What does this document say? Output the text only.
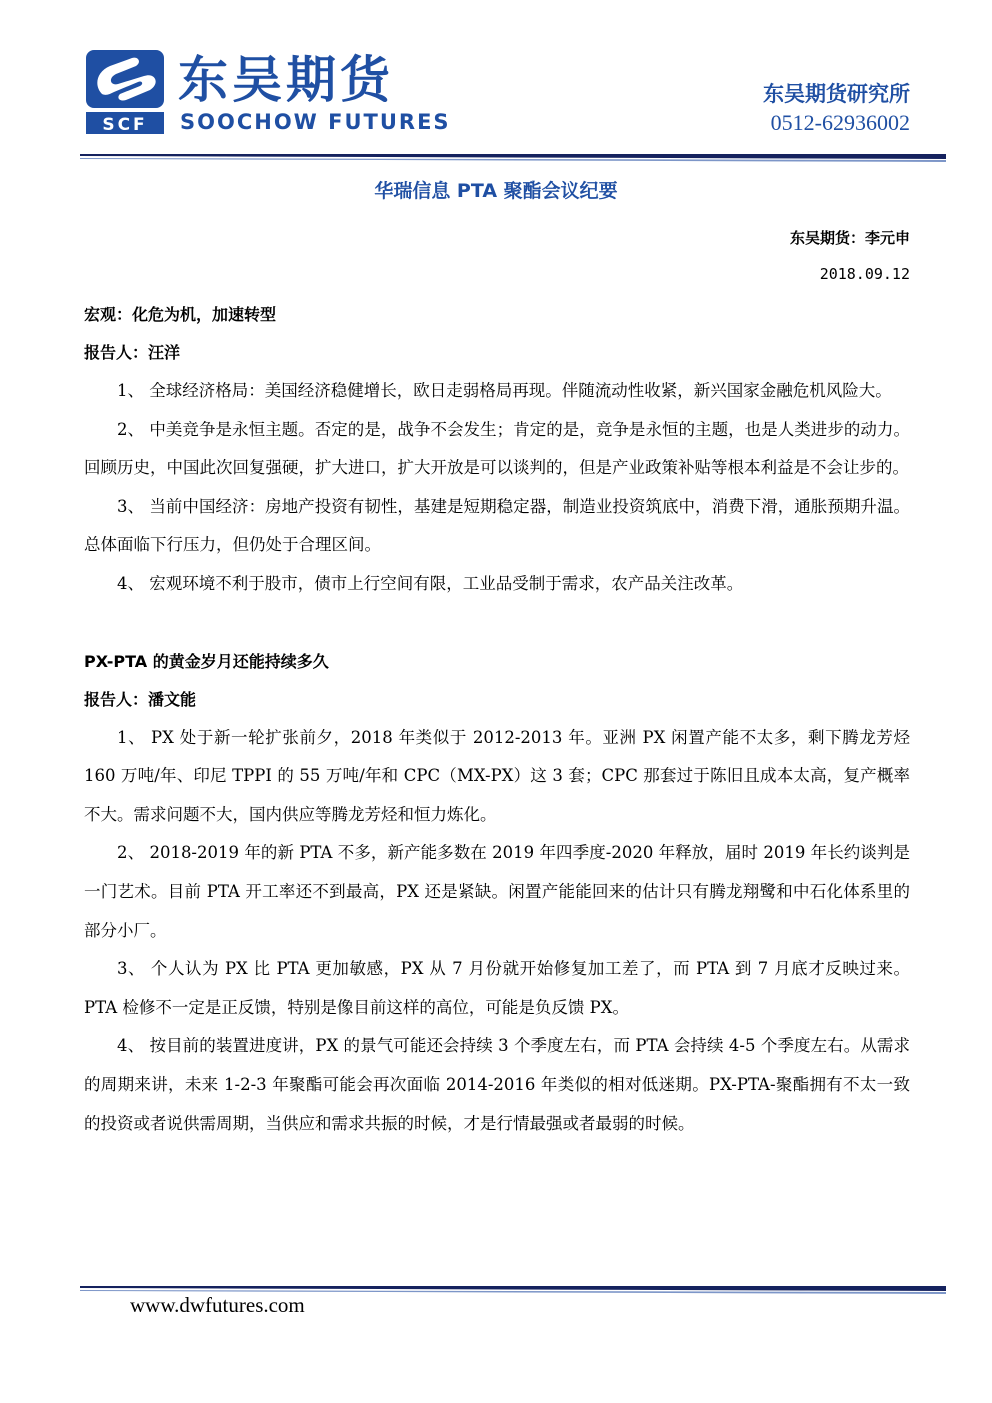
SCF
东吴期货
SOOCHOW FUTURES
东吴期货研究所
0512-62936002
华瑞信息 PTA 聚酯会议纪要
东吴期货：李元申
2018.09.12
宏观：化危为机，加速转型
报告人：汪洋

1、 全球经济格局：美国经济稳健增长，欧日走弱格局再现。伴随流动性收紧，新兴国家金融危机风险大。

2、 中美竞争是永恒主题。否定的是，战争不会发生；肯定的是，竞争是永恒的主题，也是人类进步的动力。回顾历史，中国此次回复强硬，扩大进口，扩大开放是可以谈判的，但是产业政策补贴等根本利益是不会让步的。

3、 当前中国经济：房地产投资有韧性，基建是短期稳定器，制造业投资筑底中，消费下滑，通胀预期升温。总体面临下行压力，但仍处于合理区间。

4、 宏观环境不利于股市，债市上行空间有限，工业品受制于需求，农产品关注改革。

PX-PTA 的黄金岁月还能持续多久
报告人：潘文能

1、 PX 处于新一轮扩张前夕，2018 年类似于 2012-2013 年。亚洲 PX 闲置产能不太多，剩下腾龙芳烃 160 万吨/年、印尼 TPPI 的 55 万吨/年和 CPC（MX-PX）这 3 套；CPC 那套过于陈旧且成本太高，复产概率不大。需求问题不大，国内供应等腾龙芳烃和恒力炼化。

2、 2018-2019 年的新 PTA 不多，新产能多数在 2019 年四季度-2020 年释放，届时 2019 年长约谈判是一门艺术。目前 PTA 开工率还不到最高，PX 还是紧缺。闲置产能能回来的估计只有腾龙翔鹭和中石化体系里的部分小厂。

3、 个人认为 PX 比 PTA 更加敏感，PX 从 7 月份就开始修复加工差了，而 PTA 到 7 月底才反映过来。PTA 检修不一定是正反馈，特别是像目前这样的高位，可能是负反馈 PX。

4、 按目前的装置进度讲，PX 的景气可能还会持续 3 个季度左右，而 PTA 会持续 4-5 个季度左右。从需求的周期来讲，未来 1-2-3 年聚酯可能会再次面临 2014-2016 年类似的相对低迷期。PX-PTA-聚酯拥有不太一致的投资或者说供需周期，当供应和需求共振的时候，才是行情最强或者最弱的时候。

www.dwfutures.com
